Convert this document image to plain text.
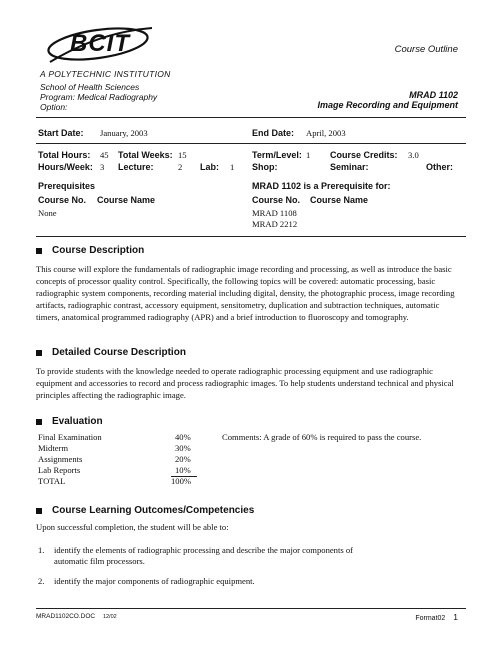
BCIT
A POLYTECHNIC INSTITUTION
School of Health Sciences
Program: Medical Radiography
Option:
Course Outline
MRAD 1102
Image Recording and Equipment
Start Date: January, 2003	End Date: April, 2003
Total Hours: 45 Total Weeks: 15	Term/Level: 1 Course Credits: 3.0
Hours/Week: 3 Lecture:	2 Lab: 1 Shop:	Seminar:	Other:
Prerequisites
Course No. Course Name
None
MRAD 1102 is a Prerequisite for:
Course No. Course Name
MRAD 1108
MRAD 2212
Course Description
This course will explore the fundamentals of radiographic image recording and processing, as well as introduce the basic concepts of processor quality control. Specifically, the following topics will be covered: automatic processing, basic radiographic system components, recording material including digital, density, the photographic process, image recording artifacts, radiographic contrast, accessory equipment, sensitometry, duplication and subtraction techniques, automatic timers, anatomical programmed radiography (APR) and a brief introduction to fluoroscopy and tomography.
Detailed Course Description
To provide students with the knowledge needed to operate radiographic processing equipment and use radiographic equipment and accessories to record and process radiographic images. To help students understand technical and physical principles affecting the radiographic image.
Evaluation
Final Examination	40%
Midterm	30%
Assignments	20%
Lab Reports	10%
TOTAL	100%
Comments: A grade of 60% is required to pass the course.
Course Learning Outcomes/Competencies
Upon successful completion, the student will be able to:
1. identify the elements of radiographic processing and describe the major components of automatic film processors.
2. identify the major components of radiographic equipment.
MRAD1102CO.DOC 12/02	Format02 1
